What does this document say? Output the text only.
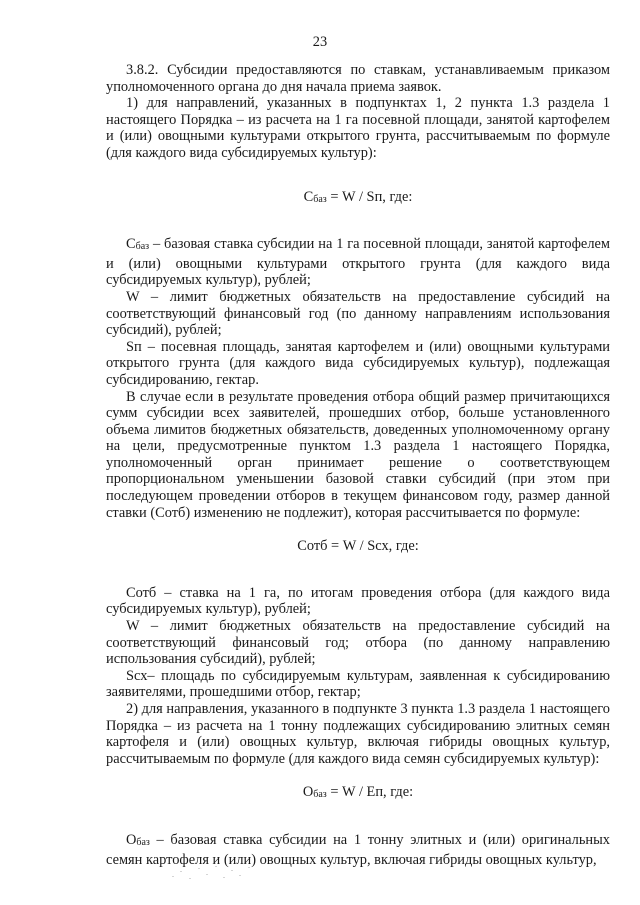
23

3.8.2. Субсидии предоставляются по ставкам, устанавливаемым приказом уполномоченного органа до дня начала приема заявок.

1) для направлений, указанных в подпунктах 1, 2 пункта 1.3 раздела 1 настоящего Порядка – из расчета на 1 га посевной площади, занятой картофелем и (или) овощными культурами открытого грунта, рассчитываемым по формуле (для каждого вида субсидируемых культур):

Сбаз = W / Sп, где:

Сбаз – базовая ставка субсидии на 1 га посевной площади, занятой картофелем и (или) овощными культурами открытого грунта (для каждого вида субсидируемых культур), рублей;

W – лимит бюджетных обязательств на предоставление субсидий на соответствующий финансовый год (по данному направлениям использования субсидий), рублей;

Sп – посевная площадь, занятая картофелем и (или) овощными культурами открытого грунта (для каждого вида субсидируемых культур), подлежащая субсидированию, гектар.

В случае если в результате проведения отбора общий размер причитающихся сумм субсидии всех заявителей, прошедших отбор, больше установленного объема лимитов бюджетных обязательств, доведенных уполномоченному органу на цели, предусмотренные пунктом 1.3 раздела 1 настоящего Порядка, уполномоченный орган принимает решение о соответствующем пропорциональном уменьшении базовой ставки субсидий (при этом при последующем проведении отборов в текущем финансовом году, размер данной ставки (Сотб) изменению не подлежит), которая рассчитывается по формуле:

Сотб = W / Sсх, где:

Сотб – ставка на 1 га, по итогам проведения отбора (для каждого вида субсидируемых культур), рублей;

W – лимит бюджетных обязательств на предоставление субсидий на соответствующий финансовый год; отбора (по данному направлению использования субсидий), рублей;

Sсх– площадь по субсидируемым культурам, заявленная к субсидированию заявителями, прошедшими отбор, гектар;

2) для направления, указанного в подпункте 3 пункта 1.3 раздела 1 настоящего Порядка – из расчета на 1 тонну подлежащих субсидированию элитных семян картофеля и (или) овощных культур, включая гибриды овощных культур, рассчитываемым по формуле (для каждого вида семян субсидируемых культур):

Обаз = W / Еп, где:

Обаз – базовая ставка субсидии на 1 тонну элитных и (или) оригинальных семян картофеля и (или) овощных культур, включая гибриды овощных культур,
